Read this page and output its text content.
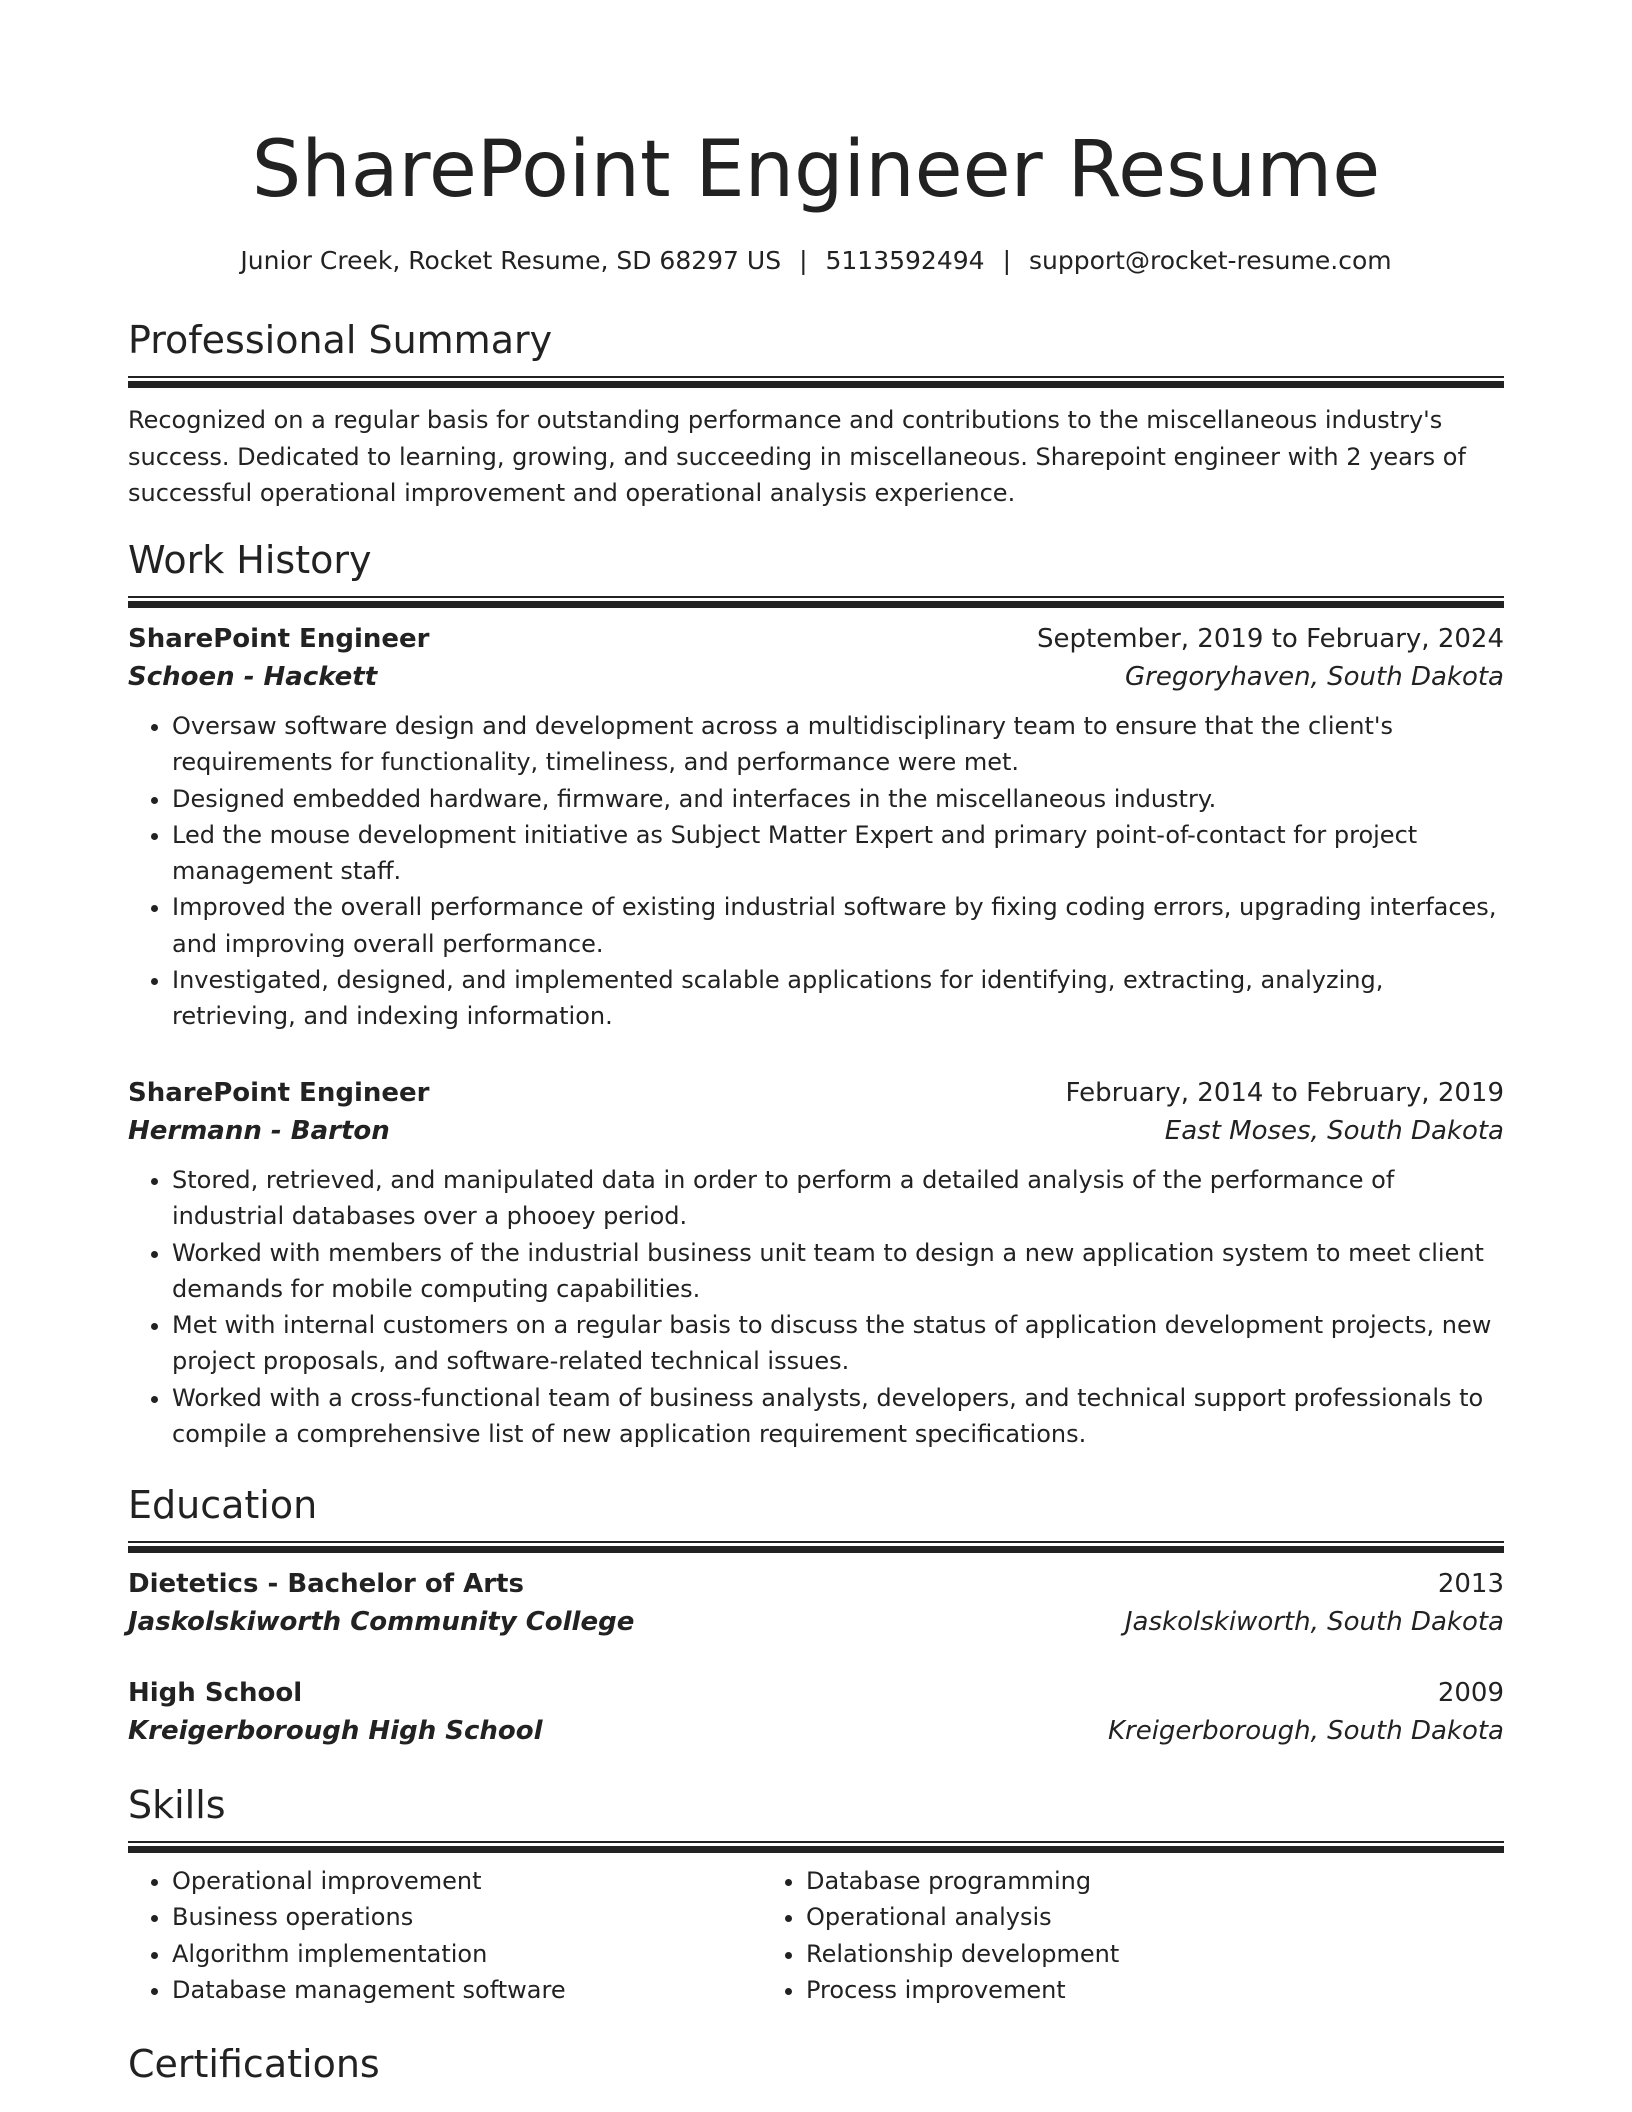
SharePoint Engineer Resume
Junior Creek, Rocket Resume, SD 68297 US | 5113592494 | support@rocket-resume.com
Professional Summary

Recognized on a regular basis for outstanding performance and contributions to the miscellaneous industry's success. Dedicated to learning, growing, and succeeding in miscellaneous. Sharepoint engineer with 2 years of successful operational improvement and operational analysis experience.

Work History
SharePoint Engineer	September, 2019 to February, 2024
Schoen - Hackett	Gregoryhaven, South Dakota
• Oversaw software design and development across a multidisciplinary team to ensure that the client's requirements for functionality, timeliness, and performance were met.
• Designed embedded hardware, firmware, and interfaces in the miscellaneous industry.
• Led the mouse development initiative as Subject Matter Expert and primary point-of-contact for project management staff.
• Improved the overall performance of existing industrial software by fixing coding errors, upgrading interfaces, and improving overall performance.
• Investigated, designed, and implemented scalable applications for identifying, extracting, analyzing, retrieving, and indexing information.
SharePoint Engineer	February, 2014 to February, 2019
Hermann - Barton	East Moses, South Dakota
• Stored, retrieved, and manipulated data in order to perform a detailed analysis of the performance of industrial databases over a phooey period.
• Worked with members of the industrial business unit team to design a new application system to meet client demands for mobile computing capabilities.
• Met with internal customers on a regular basis to discuss the status of application development projects, new project proposals, and software-related technical issues.
• Worked with a cross-functional team of business analysts, developers, and technical support professionals to compile a comprehensive list of new application requirement specifications.
Education
Dietetics - Bachelor of Arts	2013
Jaskolskiworth Community College	Jaskolskiworth, South Dakota
High School	2009
Kreigerborough High School	Kreigerborough, South Dakota
Skills
• Operational improvement
• Business operations
• Algorithm implementation
• Database management software
• Database programming
• Operational analysis
• Relationship development
• Process improvement
Certifications
